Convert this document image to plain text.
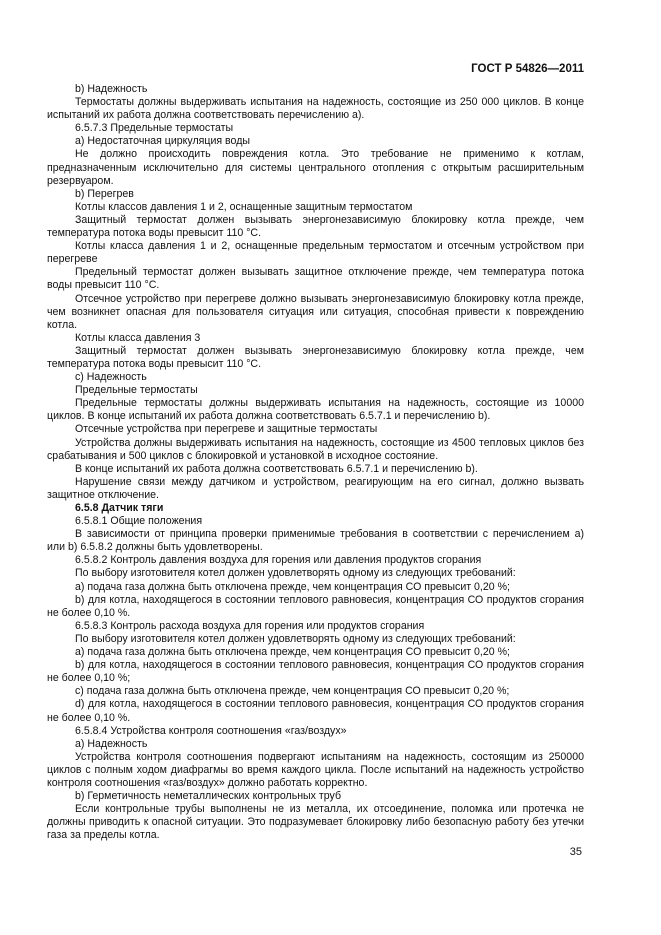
ГОСТ Р 54826—2011

b) Надежность

Термостаты должны выдерживать испытания на надежность, состоящие из 250 000 циклов. В конце испытаний их работа должна соответствовать перечислению а).

6.5.7.3 Предельные термостаты

а) Недостаточная циркуляция воды

Не должно происходить повреждения котла. Это требование не применимо к котлам, предназначенным исключительно для системы центрального отопления с открытым расширительным резервуаром.

b) Перегрев

Котлы классов давления 1 и 2, оснащенные защитным термостатом

Защитный термостат должен вызывать энергонезависимую блокировку котла прежде, чем температура потока воды превысит 110 °С.

Котлы класса давления 1 и 2, оснащенные предельным термостатом и отсечным устройством при перегреве

Предельный термостат должен вызывать защитное отключение прежде, чем температура потока воды превысит 110 °С.

Отсечное устройство при перегреве должно вызывать энергонезависимую блокировку котла прежде, чем возникнет опасная для пользователя ситуация или ситуация, способная привести к повреждению котла.

Котлы класса давления 3

Защитный термостат должен вызывать энергонезависимую блокировку котла прежде, чем температура потока воды превысит 110 °С.

с) Надежность

Предельные термостаты

Предельные термостаты должны выдерживать испытания на надежность, состоящие из 10000 циклов. В конце испытаний их работа должна соответствовать 6.5.7.1 и перечислению b).

Отсечные устройства при перегреве и защитные термостаты

Устройства должны выдерживать испытания на надежность, состоящие из 4500 тепловых циклов без срабатывания и 500 циклов с блокировкой и установкой в исходное состояние.

В конце испытаний их работа должна соответствовать 6.5.7.1 и перечислению b).

Нарушение связи между датчиком и устройством, реагирующим на его сигнал, должно вызвать защитное отключение.

6.5.8 Датчик тяги

6.5.8.1 Общие положения

В зависимости от принципа проверки применимые требования в соответствии с перечислением а) или b) 6.5.8.2 должны быть удовлетворены.

6.5.8.2 Контроль давления воздуха для горения или давления продуктов сгорания

По выбору изготовителя котел должен удовлетворять одному из следующих требований:

а) подача газа должна быть отключена прежде, чем концентрация СО превысит 0,20 %;

b) для котла, находящегося в состоянии теплового равновесия, концентрация СО продуктов сгорания не более 0,10 %.

6.5.8.3 Контроль расхода воздуха для горения или продуктов сгорания

По выбору изготовителя котел должен удовлетворять одному из следующих требований:

а) подача газа должна быть отключена прежде, чем концентрация СО превысит 0,20 %;

b) для котла, находящегося в состоянии теплового равновесия, концентрация СО продуктов сгорания не более 0,10 %;

с) подача газа должна быть отключена прежде, чем концентрация СО превысит 0,20 %;

d) для котла, находящегося в состоянии теплового равновесия, концентрация СО продуктов сгорания не более 0,10 %.

6.5.8.4 Устройства контроля соотношения «газ/воздух»

а) Надежность

Устройства контроля соотношения подвергают испытаниям на надежность, состоящим из 250000 циклов с полным ходом диафрагмы во время каждого цикла. После испытаний на надежность устройство контроля соотношения «газ/воздух» должно работать корректно.

b) Герметичность неметаллических контрольных труб

Если контрольные трубы выполнены не из металла, их отсоединение, поломка или протечка не должны приводить к опасной ситуации. Это подразумевает блокировку либо безопасную работу без утечки газа за пределы котла.

35
